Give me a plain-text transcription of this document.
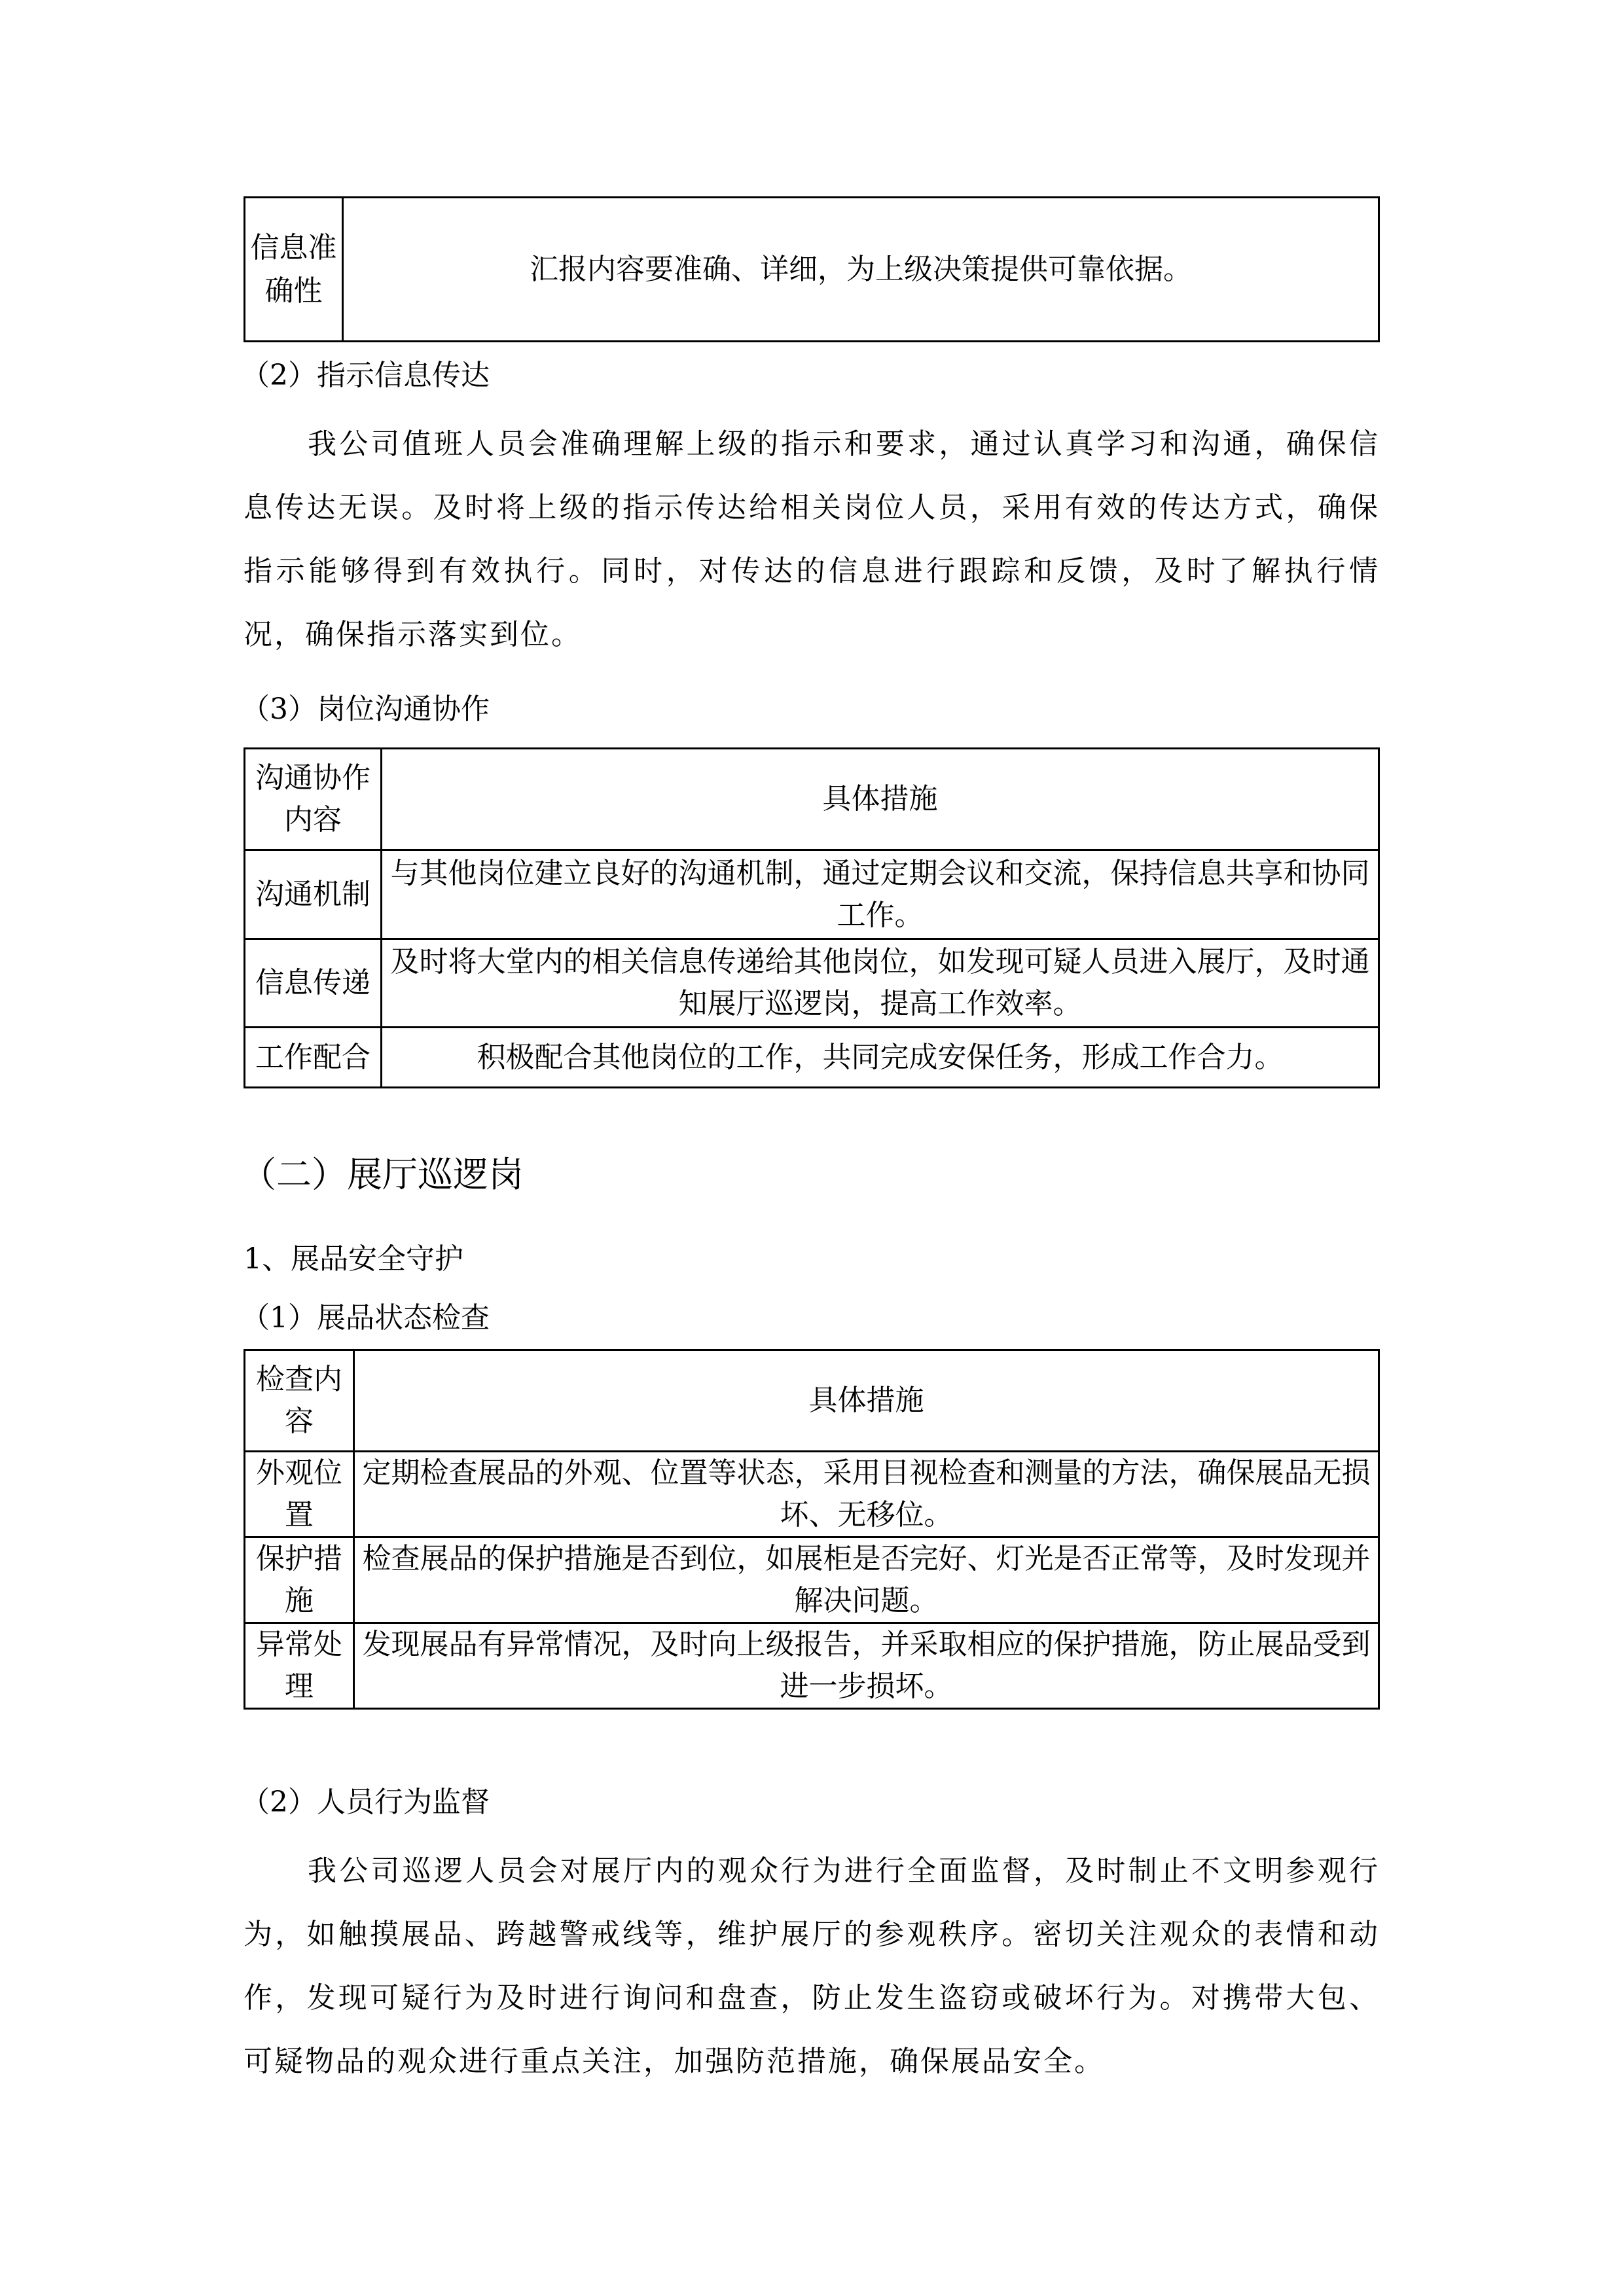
信息准确性	汇报内容要准确、详细，为上级决策提供可靠依据。
（2）指示信息传达
我公司值班人员会准确理解上级的指示和要求，通过认真学习和沟通，确保信息传达无误。及时将上级的指示传达给相关岗位人员，采用有效的传达方式，确保指示能够得到有效执行。同时，对传达的信息进行跟踪和反馈，及时了解执行情况，确保指示落实到位。
（3）岗位沟通协作
沟通协作内容	具体措施
沟通机制	与其他岗位建立良好的沟通机制，通过定期会议和交流，保持信息共享和协同工作。
信息传递	及时将大堂内的相关信息传递给其他岗位，如发现可疑人员进入展厅，及时通知展厅巡逻岗，提高工作效率。
工作配合	积极配合其他岗位的工作，共同完成安保任务，形成工作合力。
（二）展厅巡逻岗
1、展品安全守护
（1）展品状态检查
检查内容	具体措施
外观位置	定期检查展品的外观、位置等状态，采用目视检查和测量的方法，确保展品无损坏、无移位。
保护措施	检查展品的保护措施是否到位，如展柜是否完好、灯光是否正常等，及时发现并解决问题。
异常处理	发现展品有异常情况，及时向上级报告，并采取相应的保护措施，防止展品受到进一步损坏。
（2）人员行为监督
我公司巡逻人员会对展厅内的观众行为进行全面监督，及时制止不文明参观行为，如触摸展品、跨越警戒线等，维护展厅的参观秩序。密切关注观众的表情和动作，发现可疑行为及时进行询问和盘查，防止发生盗窃或破坏行为。对携带大包、可疑物品的观众进行重点关注，加强防范措施，确保展品安全。
